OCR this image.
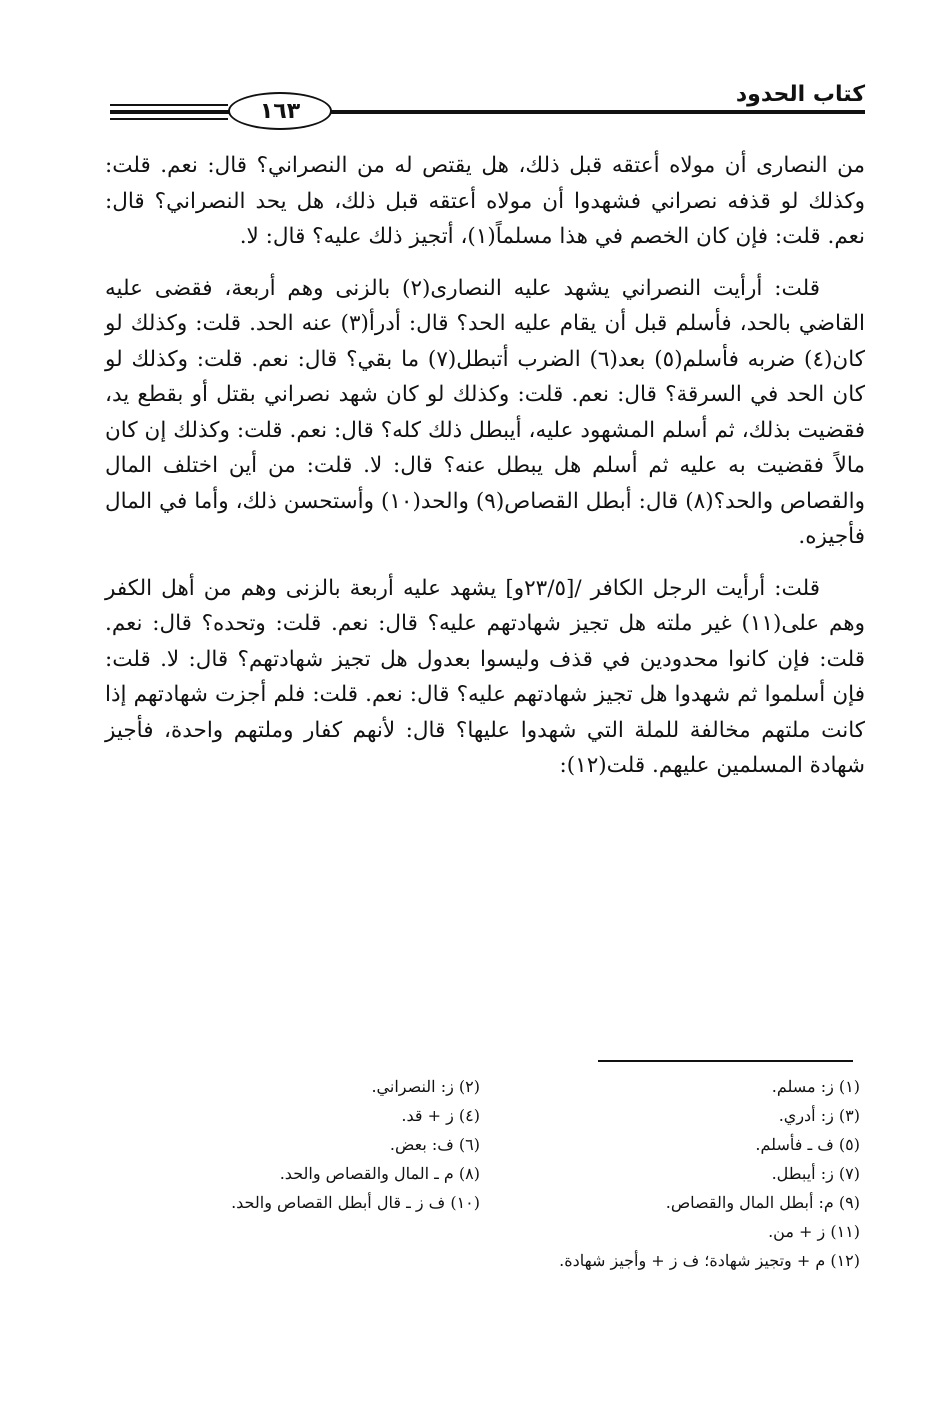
كتاب الحدود
١٦٣

من النصارى أن مولاه أعتقه قبل ذلك، هل يقتص له من النصراني؟ قال: نعم. قلت: وكذلك لو قذفه نصراني فشهدوا أن مولاه أعتقه قبل ذلك، هل يحد النصراني؟ قال: نعم. قلت: فإن كان الخصم في هذا مسلماً(١)، أتجيز ذلك عليه؟ قال: لا.

قلت: أرأيت النصراني يشهد عليه النصارى(٢) بالزنى وهم أربعة، فقضى عليه القاضي بالحد، فأسلم قبل أن يقام عليه الحد؟ قال: أدرأ(٣) عنه الحد. قلت: وكذلك لو كان(٤) ضربه فأسلم(٥) بعد(٦) الضرب أتبطل(٧) ما بقي؟ قال: نعم. قلت: وكذلك لو كان الحد في السرقة؟ قال: نعم. قلت: وكذلك لو كان شهد نصراني بقتل أو بقطع يد، فقضيت بذلك، ثم أسلم المشهود عليه، أيبطل ذلك كله؟ قال: نعم. قلت: وكذلك إن كان مالاً فقضيت به عليه ثم أسلم هل يبطل عنه؟ قال: لا. قلت: من أين اختلف المال والقصاص والحد؟(٨) قال: أبطل القصاص(٩) والحد(١٠) وأستحسن ذلك، وأما في المال فأجيزه.

قلت: أرأيت الرجل الكافر /[٢٣/٥و] يشهد عليه أربعة بالزنى وهم من أهل الكفر وهم على(١١) غير ملته هل تجيز شهادتهم عليه؟ قال: نعم. قلت: وتحده؟ قال: نعم. قلت: فإن كانوا محدودين في قذف وليسوا بعدول هل تجيز شهادتهم؟ قال: لا. قلت: فإن أسلموا ثم شهدوا هل تجيز شهادتهم عليه؟ قال: نعم. قلت: فلم أجزت شهادتهم إذا كانت ملتهم مخالفة للملة التي شهدوا عليها؟ قال: لأنهم كفار وملتهم واحدة، فأجيز شهادة المسلمين عليهم. قلت(١٢):

(١) ز: مسلم.
(٢) ز: النصراني.
(٣) ز: أدري.
(٤) ز + قد.
(٥) ف ـ فأسلم.
(٦) ف: بعض.
(٧) ز: أيبطل.
(٨) م ـ المال والقصاص والحد.
(٩) م: أبطل المال والقصاص.
(١٠) ف ز ـ قال أبطل القصاص والحد.
(١١) ز + من.
(١٢) م + وتجيز شهادة؛ ف ز + وأجيز شهادة.
